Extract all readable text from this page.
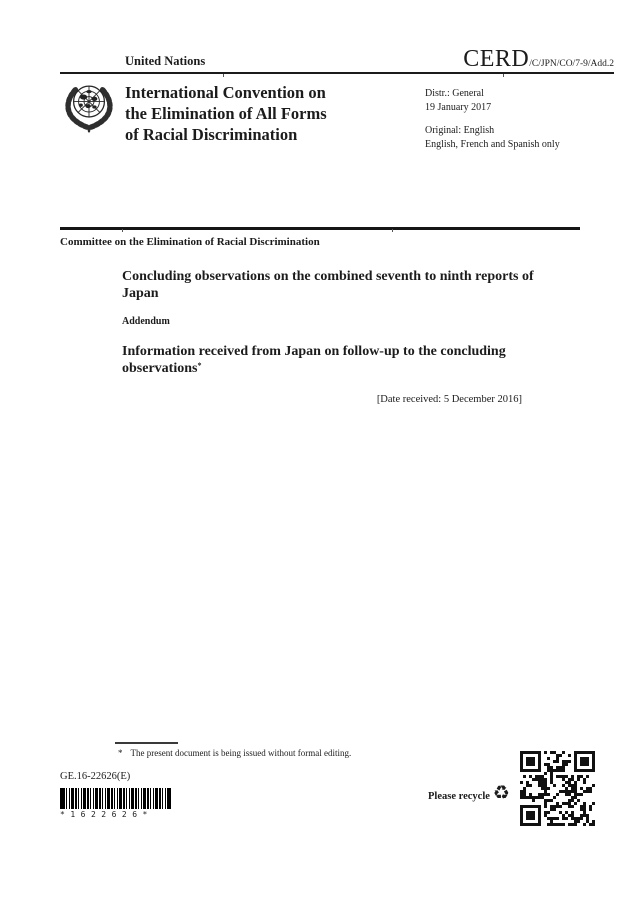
United Nations	CERD /C/JPN/CO/7-9/Add.2
International Convention on
the Elimination of All Forms
of Racial Discrimination
Distr.: General
19 January 2017
Original: English
English, French and Spanish only
Committee on the Elimination of Racial Discrimination
Concluding observations on the combined seventh to ninth reports of Japan
Addendum
Information received from Japan on follow-up to the concluding observations*
[Date received: 5 December 2016]
* The present document is being issued without formal editing.
GE.16-22626(E)
*1622626*
Please recycle ♻
